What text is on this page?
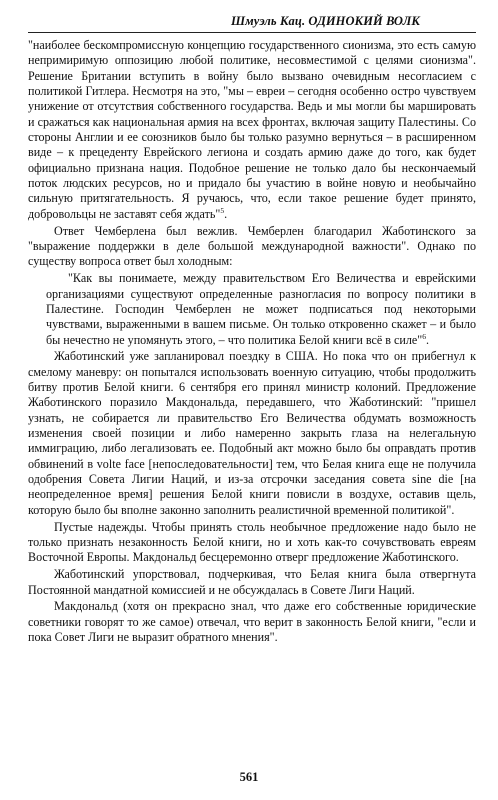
Шмуэль Кац. ОДИНОКИЙ ВОЛК

"наиболее бескомпромиссную концепцию государственного сионизма, это есть самую непримиримую оппозицию любой политике, несовместимой с целями сионизма". Решение Британии вступить в войну было вызвано очевидным несогласием с политикой Гитлера. Несмотря на это, "мы – евреи – сегодня особенно остро чувствуем унижение от отсутствия собственного государства. Ведь и мы могли бы маршировать и сражаться как национальная армия на всех фронтах, включая защиту Палестины. Со стороны Англии и ее союзников было бы только разумно вернуться – в расширенном виде – к прецеденту Еврейского легиона и создать армию даже до того, как будет официально признана нация. Подобное решение не только дало бы нескончаемый поток людских ресурсов, но и придало бы участию в войне новую и необычайно сильную притягательность. Я ручаюсь, что, если такое решение будет принято, добровольцы не заставят себя ждать"$^5$.

Ответ Чемберлена был вежлив. Чемберлен благодарил Жаботинского за "выражение поддержки в деле большой международной важности". Однако по существу вопроса ответ был холодным:

"Как вы понимаете, между правительством Его Величества и еврейскими организациями существуют определенные разногласия по вопросу политики в Палестине. Господин Чемберлен не может подписаться под некоторыми чувствами, выраженными в вашем письме. Он только откровенно скажет – и было бы нечестно не упомянуть этого, – что политика Белой книги всё в силе"$^6$.

Жаботинский уже запланировал поездку в США. Но пока что он прибегнул к смелому маневру: он попытался использовать военную ситуацию, чтобы продолжить битву против Белой книги. 6 сентября его принял министр колоний. Предложение Жаботинского поразило Макдональда, передавшего, что Жаботинский: "пришел узнать, не собирается ли правительство Его Величества обдумать возможность изменения своей позиции и либо намеренно закрыть глаза на нелегальную иммиграцию, либо легализовать ее. Подобный акт можно было бы оправдать против обвинений в volte face [непоследовательности] тем, что Белая книга еще не получила одобрения Совета Лигии Наций, и из-за отсрочки заседания совета sine die [на неопределенное время] решения Белой книги повисли в воздухе, оставив щель, которую было бы вполне законно заполнить реалистичной временной политикой".

Пустые надежды. Чтобы принять столь необычное предложение надо было не только признать незаконность Белой книги, но и хоть как-то сочувствовать евреям Восточной Европы. Макдональд бесцеремонно отверг предложение Жаботинского.

Жаботинский упорствовал, подчеркивая, что Белая книга была отвергнута Постоянной мандатной комиссией и не обсуждалась в Совете Лиги Наций.

Макдональд (хотя он прекрасно знал, что даже его собственные юридические советники говорят то же самое) отвечал, что верит в законность Белой книги, "если и пока Совет Лиги не выразит обратного мнения".

561
